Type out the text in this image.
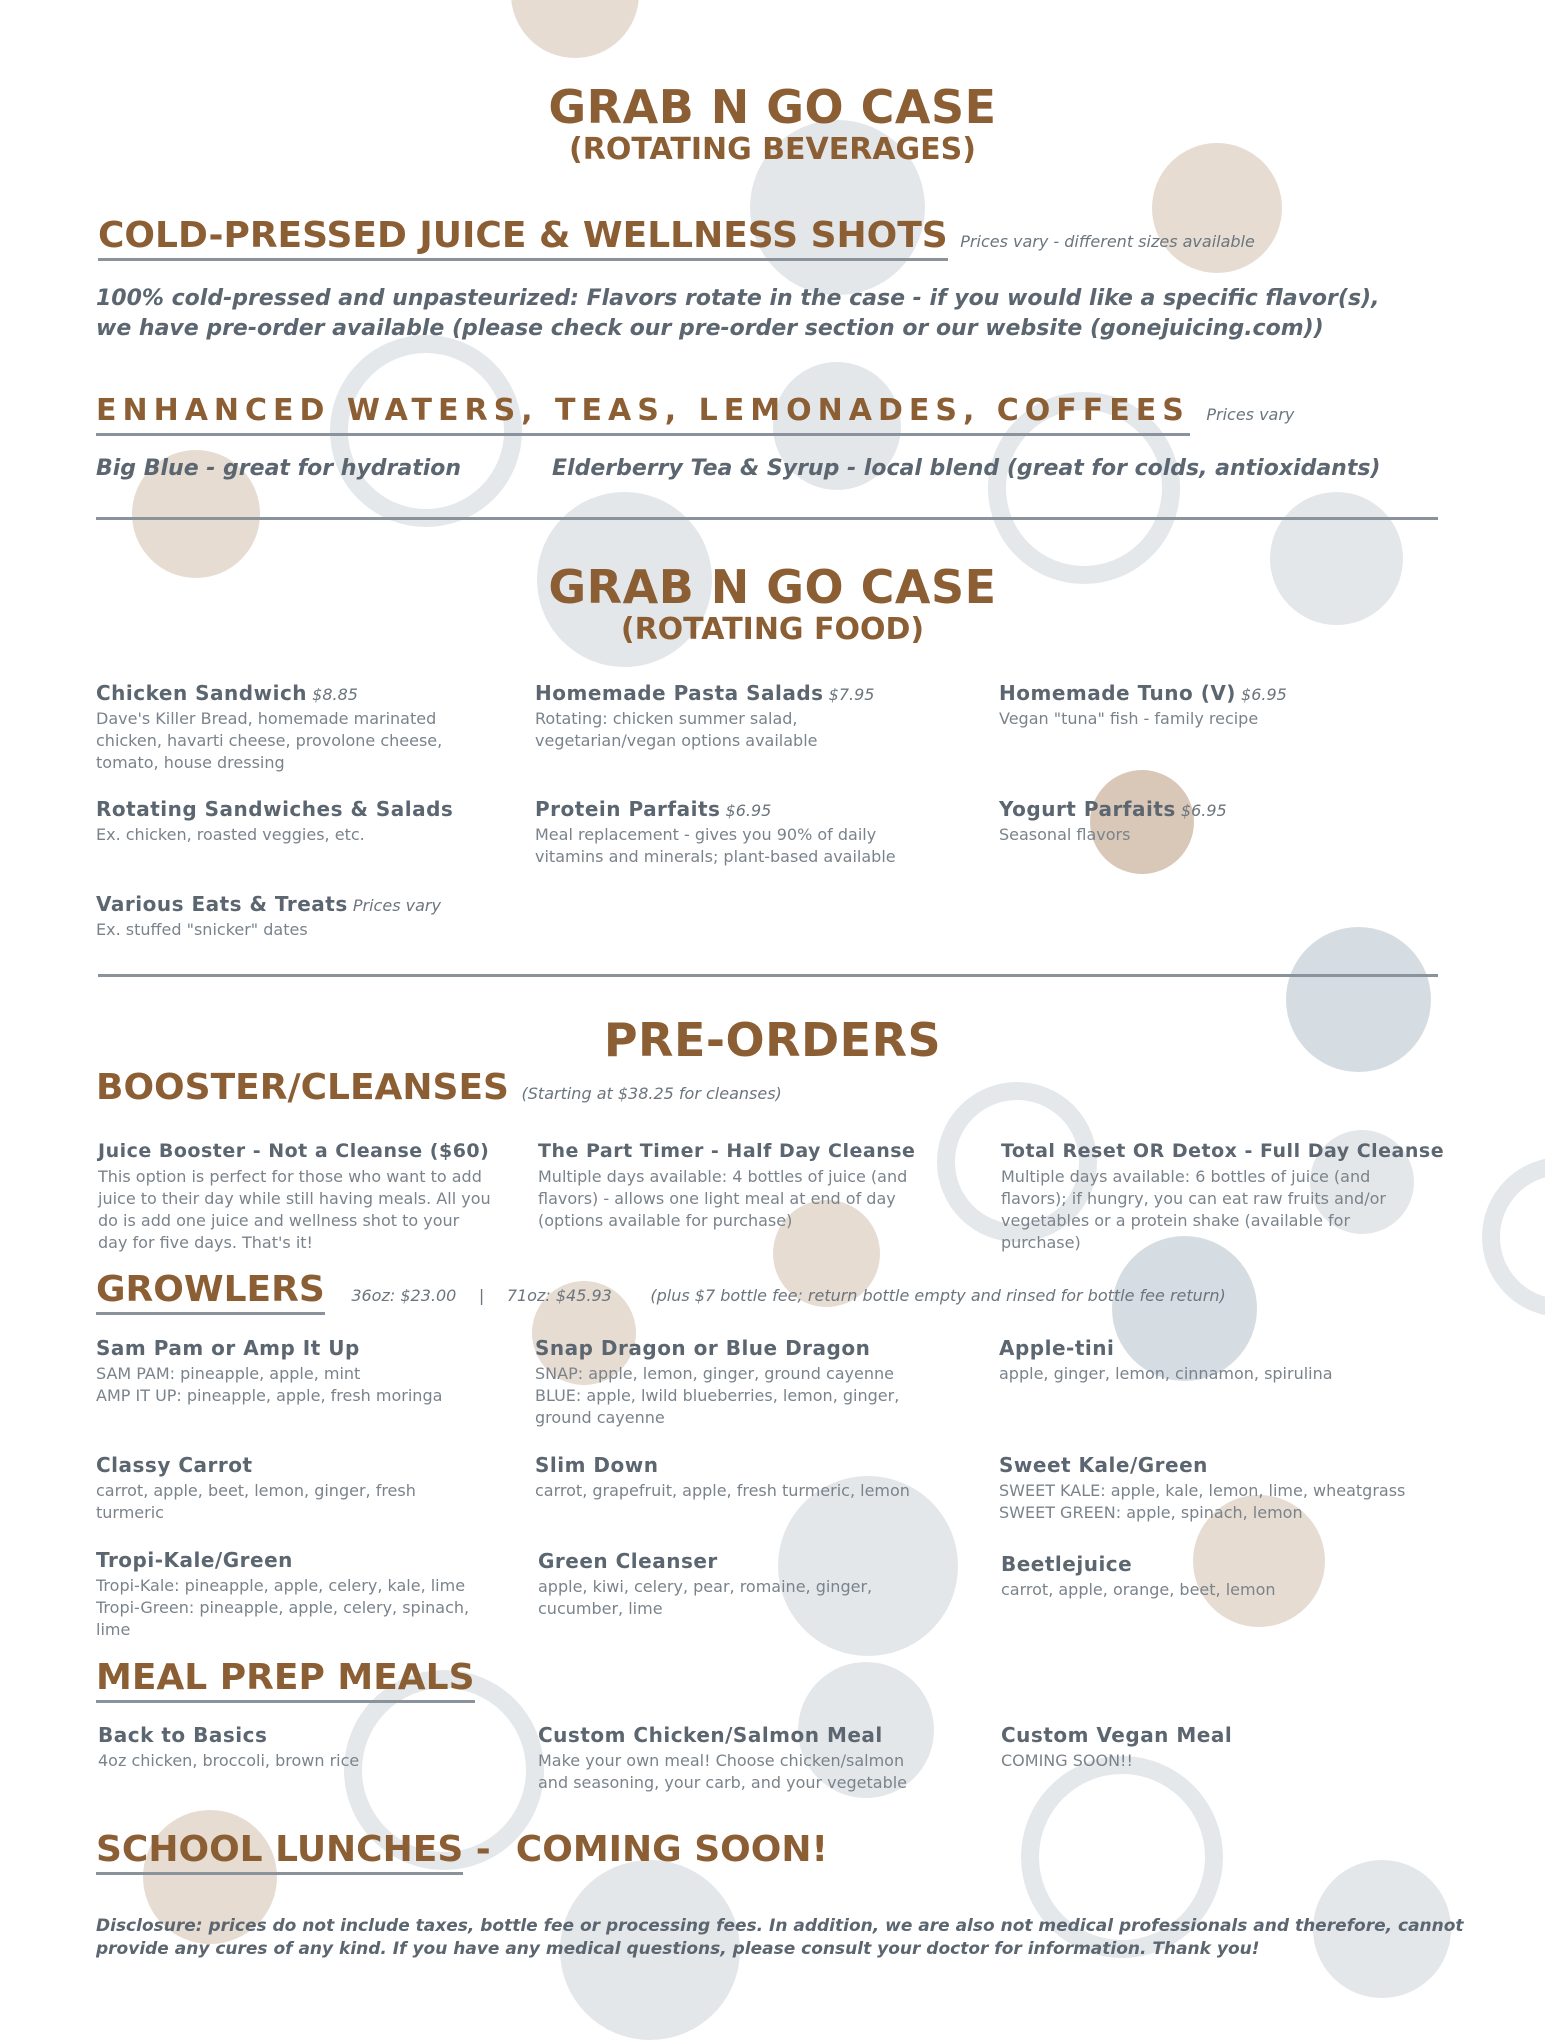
GRAB N GO CASE
(ROTATING BEVERAGES)
COLD-PRESSED JUICE & WELLNESS SHOTS Prices vary - different sizes available
100% cold-pressed and unpasteurized: Flavors rotate in the case - if you would like a specific flavor(s),
we have pre-order available (please check our pre-order section or our website (gonejuicing.com))
ENHANCED WATERS, TEAS, LEMONADES, COFFEES Prices vary
Big Blue - great for hydration	Elderberry Tea & Syrup - local blend (great for colds, antioxidants)
GRAB N GO CASE
(ROTATING FOOD)
Chicken Sandwich $8.85
Dave's Killer Bread, homemade marinated
chicken, havarti cheese, provolone cheese,
tomato, house dressing
Homemade Pasta Salads $7.95
Rotating: chicken summer salad,
vegetarian/vegan options available
Homemade Tuno (V) $6.95
Vegan "tuna" fish - family recipe
Rotating Sandwiches & Salads
Ex. chicken, roasted veggies, etc.
Protein Parfaits $6.95
Meal replacement - gives you 90% of daily
vitamins and minerals; plant-based available
Yogurt Parfaits $6.95
Seasonal flavors
Various Eats & Treats Prices vary
Ex. stuffed "snicker" dates
PRE-ORDERS
BOOSTER/CLEANSES (Starting at $38.25 for cleanses)
Juice Booster - Not a Cleanse ($60)
This option is perfect for those who want to add
juice to their day while still having meals. All you
do is add one juice and wellness shot to your
day for five days. That's it!
The Part Timer - Half Day Cleanse
Multiple days available: 4 bottles of juice (and
flavors) - allows one light meal at end of day
(options available for purchase)
Total Reset OR Detox - Full Day Cleanse
Multiple days available: 6 bottles of juice (and
flavors); if hungry, you can eat raw fruits and/or
vegetables or a protein shake (available for
purchase)
GROWLERS 36oz: $23.00 | 71oz: $45.93 (plus $7 bottle fee; return bottle empty and rinsed for bottle fee return)
Sam Pam or Amp It Up
SAM PAM: pineapple, apple, mint
AMP IT UP: pineapple, apple, fresh moringa
Snap Dragon or Blue Dragon
SNAP: apple, lemon, ginger, ground cayenne
BLUE: apple, lwild blueberries, lemon, ginger,
ground cayenne
Apple-tini
apple, ginger, lemon, cinnamon, spirulina
Classy Carrot
carrot, apple, beet, lemon, ginger, fresh
turmeric
Slim Down
carrot, grapefruit, apple, fresh turmeric, lemon
Sweet Kale/Green
SWEET KALE: apple, kale, lemon, lime, wheatgrass
SWEET GREEN: apple, spinach, lemon
Tropi-Kale/Green
Tropi-Kale: pineapple, apple, celery, kale, lime
Tropi-Green: pineapple, apple, celery, spinach,
lime
Green Cleanser
apple, kiwi, celery, pear, romaine, ginger,
cucumber, lime
Beetlejuice
carrot, apple, orange, beet, lemon
MEAL PREP MEALS
Back to Basics
4oz chicken, broccoli, brown rice
Custom Chicken/Salmon Meal
Make your own meal! Choose chicken/salmon
and seasoning, your carb, and your vegetable
Custom Vegan Meal
COMING SOON!!
SCHOOL LUNCHES -  COMING SOON!
Disclosure: prices do not include taxes, bottle fee or processing fees. In addition, we are also not medical professionals and therefore, cannot
provide any cures of any kind. If you have any medical questions, please consult your doctor for information. Thank you!
